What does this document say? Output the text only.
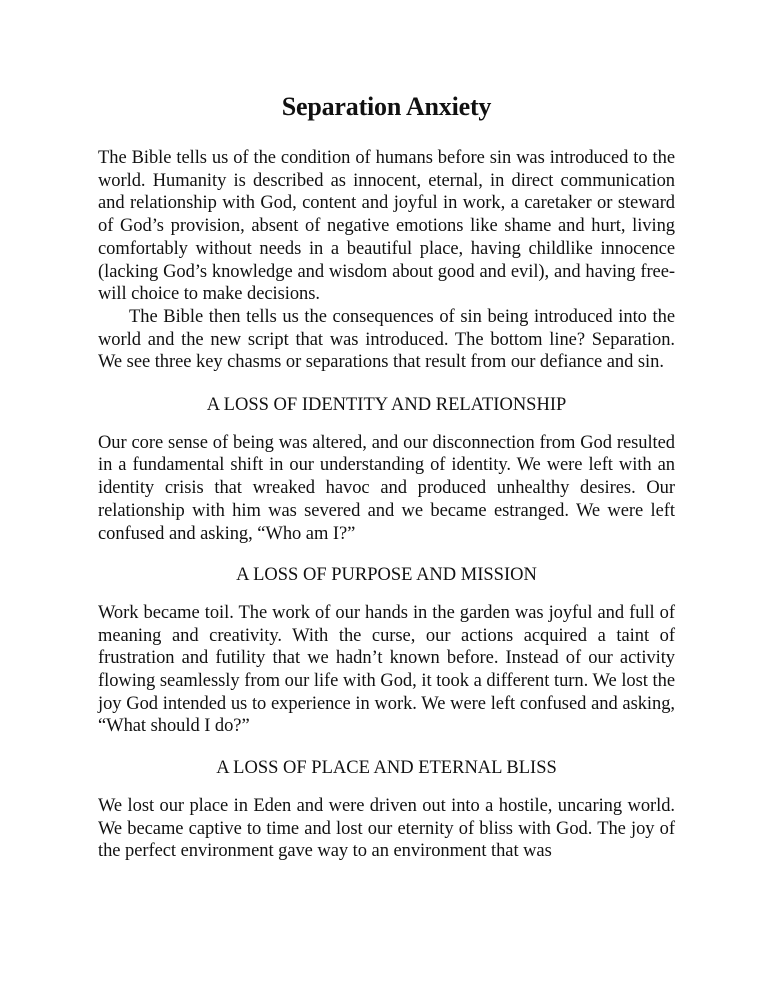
Separation Anxiety

The Bible tells us of the condition of humans before sin was introduced to the world. Humanity is described as innocent, eternal, in direct communication and relationship with God, content and joyful in work, a caretaker or steward of God’s provision, absent of negative emotions like shame and hurt, living comfortably without needs in a beautiful place, having childlike innocence (lacking God’s knowledge and wisdom about good and evil), and having free-will choice to make decisions.

The Bible then tells us the consequences of sin being introduced into the world and the new script that was introduced. The bottom line? Separation. We see three key chasms or separations that result from our defiance and sin.

A LOSS OF IDENTITY AND RELATIONSHIP

Our core sense of being was altered, and our disconnection from God resulted in a fundamental shift in our understanding of identity. We were left with an identity crisis that wreaked havoc and produced unhealthy desires. Our relationship with him was severed and we became estranged. We were left confused and asking, “Who am I?”

A LOSS OF PURPOSE AND MISSION

Work became toil. The work of our hands in the garden was joyful and full of meaning and creativity. With the curse, our actions acquired a taint of frustration and futility that we hadn’t known before. Instead of our activity flowing seamlessly from our life with God, it took a different turn. We lost the joy God intended us to experience in work. We were left confused and asking, “What should I do?”

A LOSS OF PLACE AND ETERNAL BLISS

We lost our place in Eden and were driven out into a hostile, uncaring world. We became captive to time and lost our eternity of bliss with God. The joy of the perfect environment gave way to an environment that was
